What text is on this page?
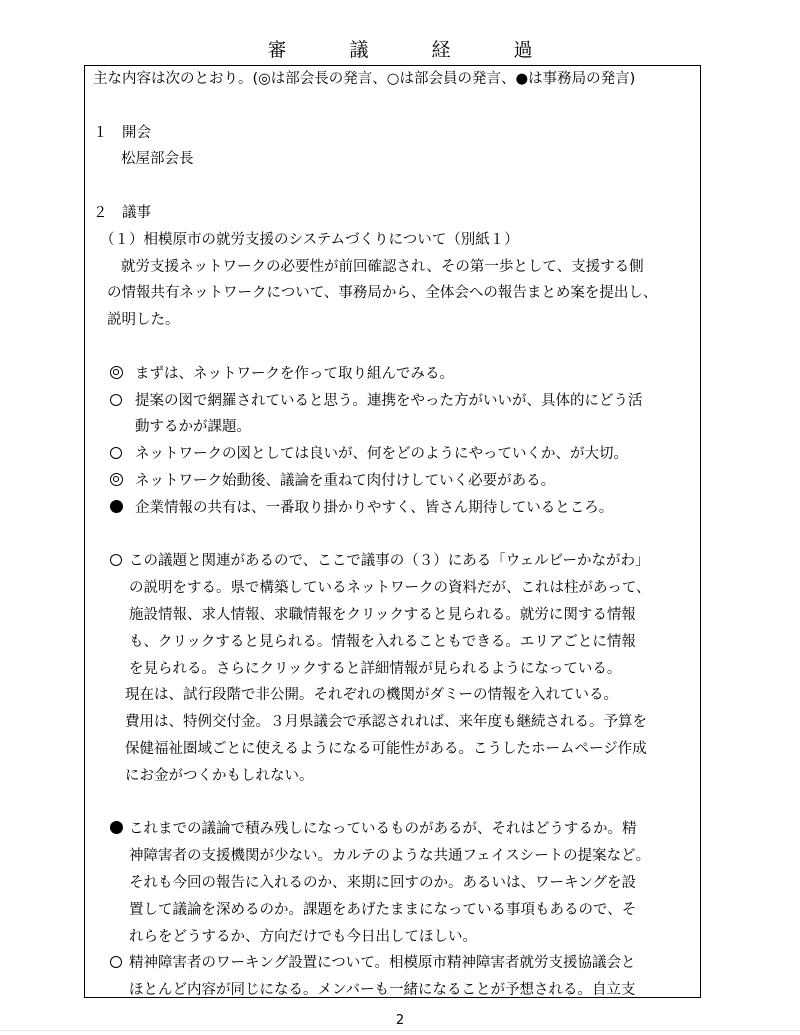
審　議　経　過
主な内容は次のとおり。(◎は部会長の発言、○は部会員の発言、●は事務局の発言)
１　開会
松屋部会長
２　議事
（１）相模原市の就労支援のシステムづくりについて（別紙１）
就労支援ネットワークの必要性が前回確認され、その第一歩として、支援する側
の情報共有ネットワークについて、事務局から、全体会への報告まとめ案を提出し、
説明した。
まずは、ネットワークを作って取り組んでみる。
提案の図で網羅されていると思う。連携をやった方がいいが、具体的にどう活
動するかが課題。
ネットワークの図としては良いが、何をどのようにやっていくか、が大切。
ネットワーク始動後、議論を重ねて肉付けしていく必要がある。
企業情報の共有は、一番取り掛かりやすく、皆さん期待しているところ。
この議題と関連があるので、ここで議事の（３）にある「ウェルビーかながわ」
の説明をする。県で構築しているネットワークの資料だが、これは柱があって、
施設情報、求人情報、求職情報をクリックすると見られる。就労に関する情報
も、クリックすると見られる。情報を入れることもできる。エリアごとに情報
を見られる。さらにクリックすると詳細情報が見られるようになっている。
現在は、試行段階で非公開。それぞれの機関がダミーの情報を入れている。
費用は、特例交付金。３月県議会で承認されれば、来年度も継続される。予算を
保健福祉圏域ごとに使えるようになる可能性がある。こうしたホームページ作成
にお金がつくかもしれない。
これまでの議論で積み残しになっているものがあるが、それはどうするか。精
神障害者の支援機関が少ない。カルテのような共通フェイスシートの提案など。
それも今回の報告に入れるのか、来期に回すのか。あるいは、ワーキングを設
置して議論を深めるのか。課題をあげたままになっている事項もあるので、そ
れらをどうするか、方向だけでも今日出してほしい。
精神障害者のワーキング設置について。相模原市精神障害者就労支援協議会と
ほとんど内容が同じになる。メンバーも一緒になることが予想される。自立支
2
